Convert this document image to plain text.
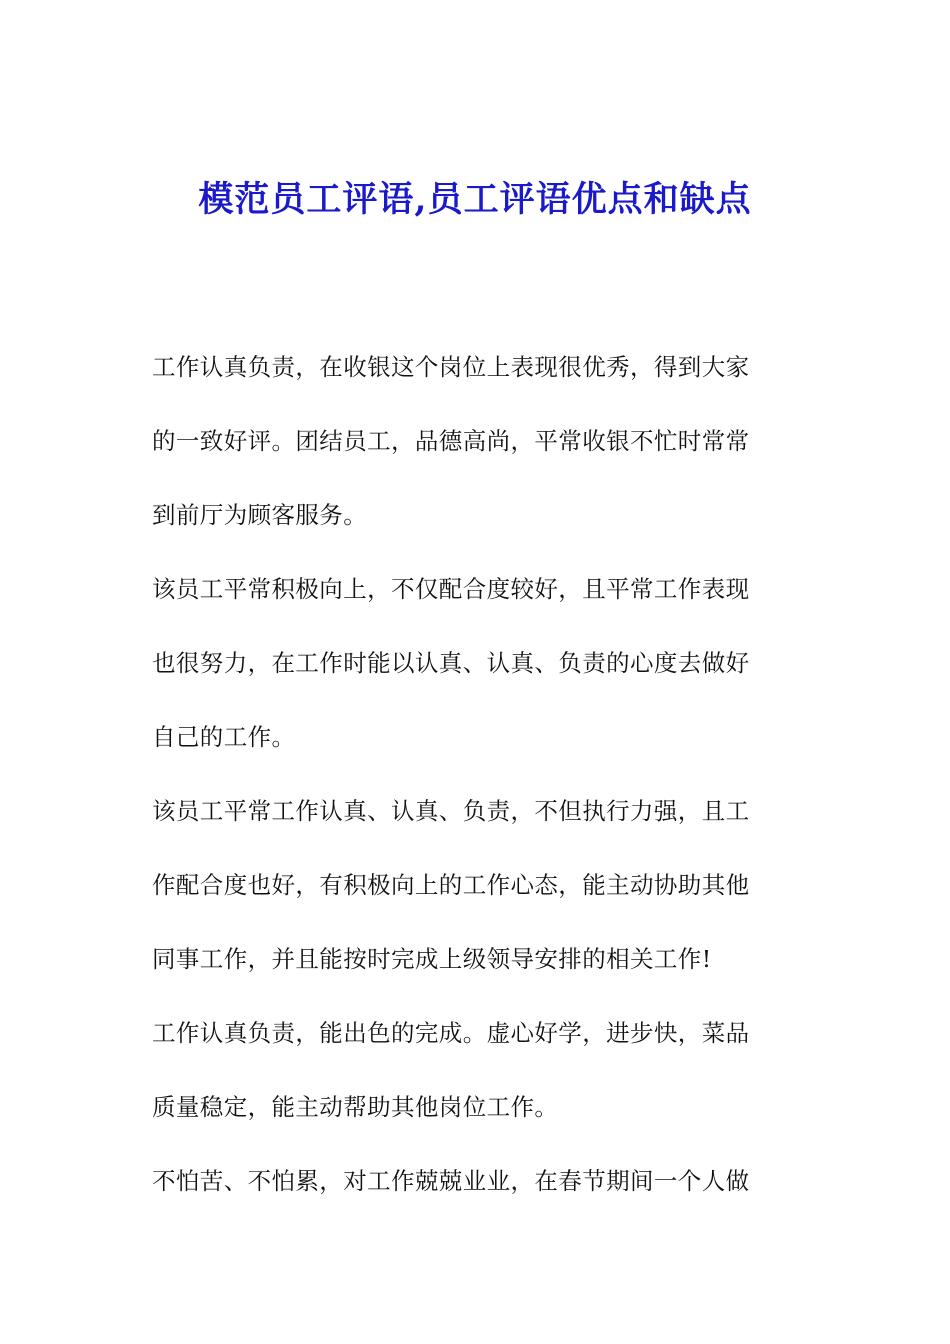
模范员工评语,员工评语优点和缺点
工作认真负责，在收银这个岗位上表现很优秀，得到大家
的一致好评。团结员工，品德高尚，平常收银不忙时常常
到前厅为顾客服务。
该员工平常积极向上，不仅配合度较好，且平常工作表现
也很努力，在工作时能以认真、认真、负责的心度去做好
自己的工作。
该员工平常工作认真、认真、负责，不但执行力强，且工
作配合度也好，有积极向上的工作心态，能主动协助其他
同事工作，并且能按时完成上级领导安排的相关工作!
工作认真负责，能出色的完成。虚心好学，进步快，菜品
质量稳定，能主动帮助其他岗位工作。
不怕苦、不怕累，对工作兢兢业业，在春节期间一个人做
